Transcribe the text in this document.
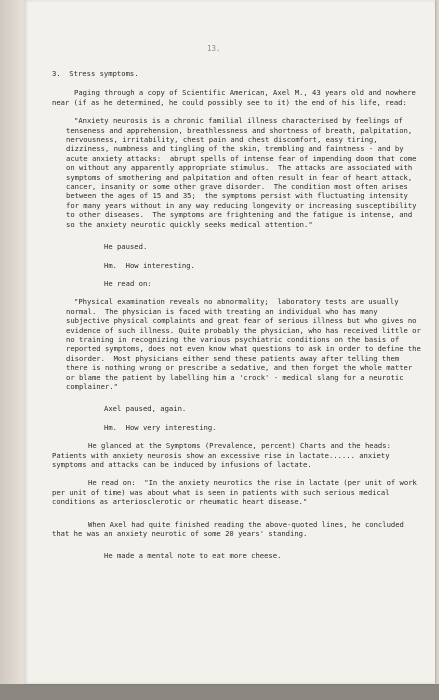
13.

3.  Stress symptoms.

Paging through a copy of Scientific American, Axel M., 43 years old and nowhere near (if as he determined, he could possibly see to it) the end of his life, read:

"Anxiety neurosis is a chronic familial illness characterised by feelings of tenseness and apprehension, breathlessness and shortness of breath, palpitation, nervousness, irritability, chest pain and chest discomfort, easy tiring, dizziness, numbness and tingling of the skin, trembling and faintness - and by acute anxiety attacks:  abrupt spells of intense fear of impending doom that come on without any apparently appropriate stimulus.  The attacks are associated with symptoms of smothering and palpitation and often result in fear of heart attack, cancer, insanity or some other grave disorder.  The condition most often arises between the ages of 15 and 35;  the symptoms persist with fluctuating intensity for many years without in any way reducing longevity or increasing susceptibility to other diseases.  The symptoms are frightening and the fatigue is intense, and so the anxiety neurotic quickly seeks medical attention."

He paused.

Hm.  How interesting.

He read on:

"Physical examination reveals no abnormality;  laboratory tests are usually normal.  The physician is faced with treating an individual who has many subjective physical complaints and great fear of serious illness but who gives no evidence of such illness. Quite probably the physician, who has received little or no training in recognizing the various psychiatric conditions on the basis of reported symptoms, does not even know what questions to ask in order to define the disorder.  Most physicians either send these patients away after telling them there is nothing wrong or prescribe a sedative, and then forget the whole matter or blame the patient by labelling him a 'crock' - medical slang for a neurotic complainer."

Axel paused, again.

Hm.  How very interesting.

He glanced at the Symptoms (Prevalence, percent) Charts and the heads:  Patients with anxiety neurosis show an excessive rise in lactate...... anxiety symptoms and attacks can be induced by infusions of lactate.

He read on:  "In the anxiety neurotics the rise in lactate (per unit of work per unit of time) was about what is seen in patients with such serious medical conditions as arteriosclerotic or rheumatic heart disease."

When Axel had quite finished reading the above-quoted lines, he concluded that he was an anxiety neurotic of some 20 years' standing.

He made a mental note to eat more cheese.
